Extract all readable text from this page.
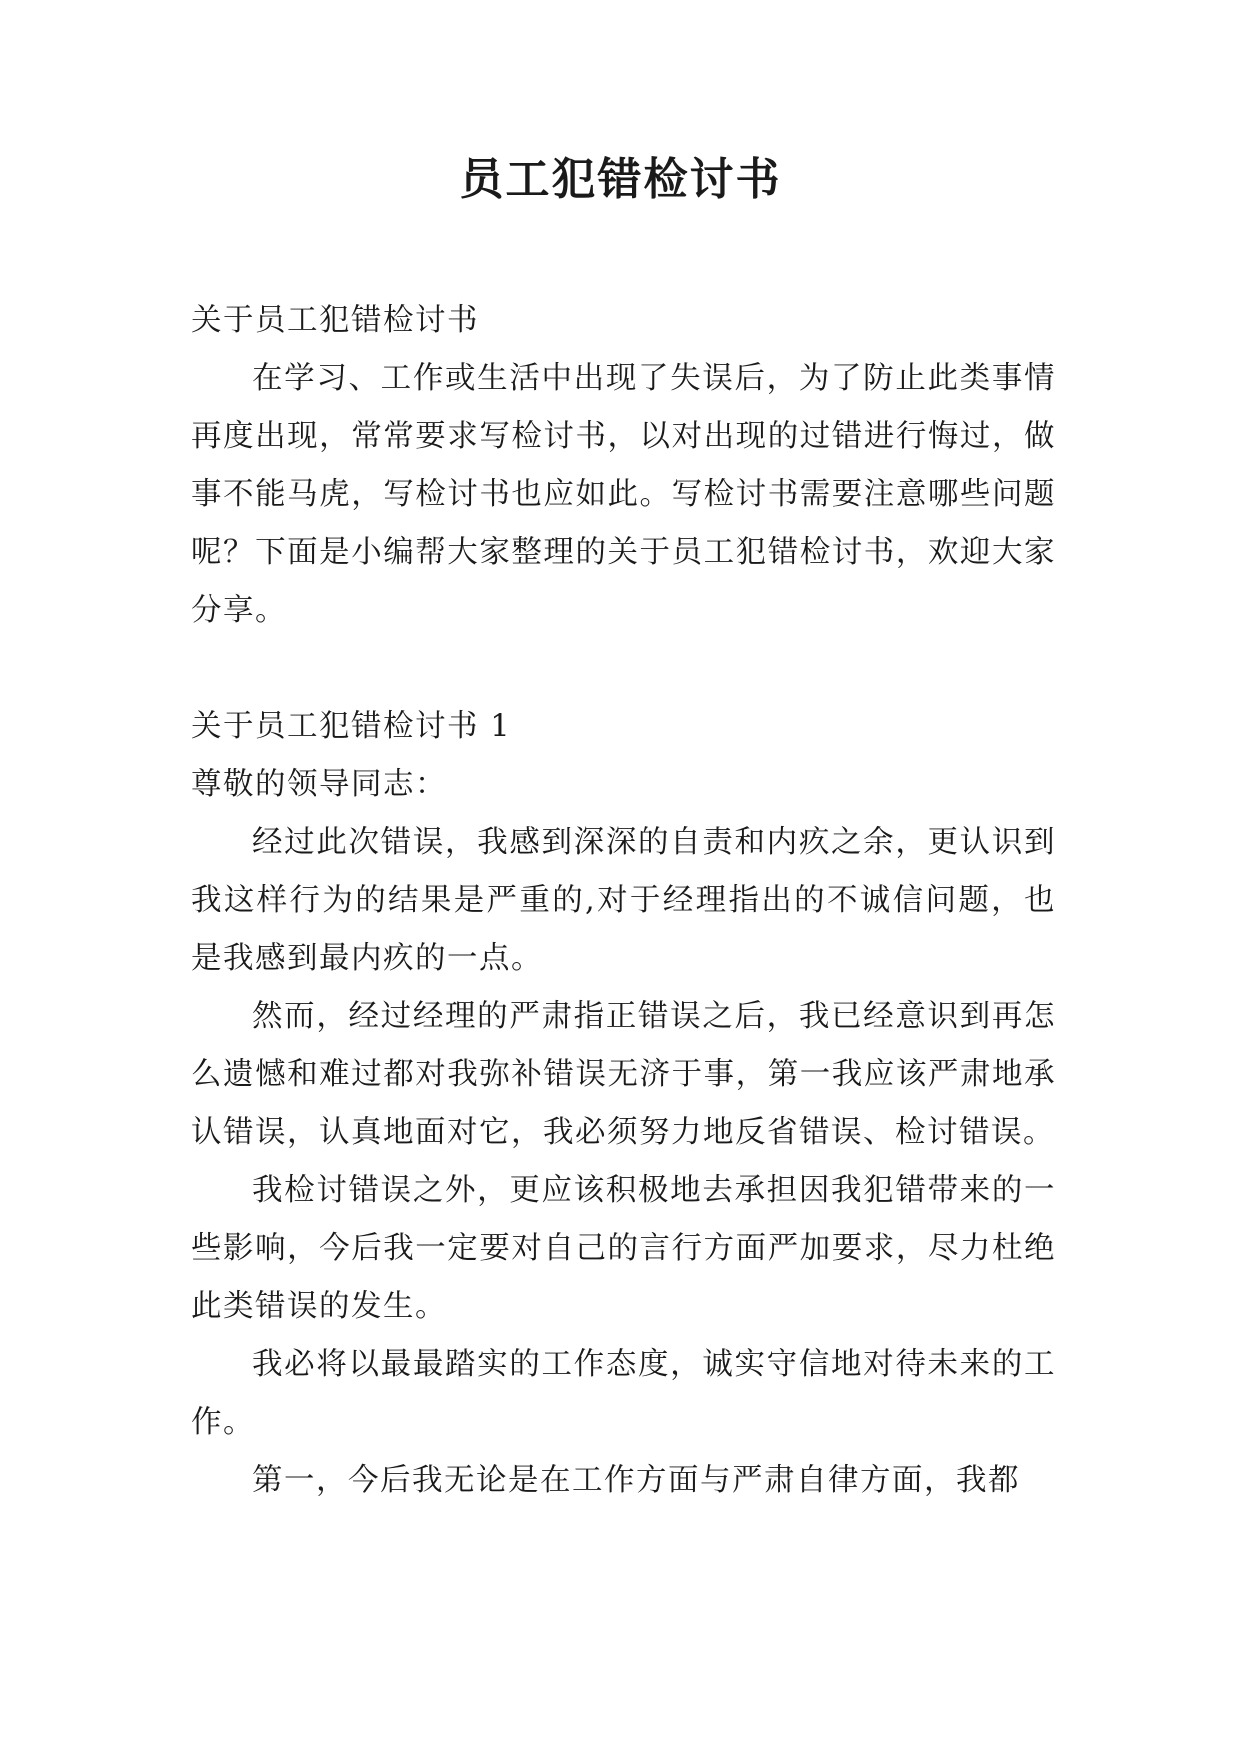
员工犯错检讨书

关于员工犯错检讨书

在学习、工作或生活中出现了失误后，为了防止此类事情再度出现，常常要求写检讨书，以对出现的过错进行悔过，做事不能马虎，写检讨书也应如此。写检讨书需要注意哪些问题呢？下面是小编帮大家整理的关于员工犯错检讨书，欢迎大家分享。

关于员工犯错检讨书 1

尊敬的领导同志：

经过此次错误，我感到深深的自责和内疚之余，更认识到我这样行为的结果是严重的,对于经理指出的不诚信问题，也是我感到最内疚的一点。

然而，经过经理的严肃指正错误之后，我已经意识到再怎么遗憾和难过都对我弥补错误无济于事，第一我应该严肃地承认错误，认真地面对它，我必须努力地反省错误、检讨错误。

我检讨错误之外，更应该积极地去承担因我犯错带来的一些影响，今后我一定要对自己的言行方面严加要求，尽力杜绝此类错误的发生。

我必将以最最踏实的工作态度，诚实守信地对待未来的工作。

第一，今后我无论是在工作方面与严肃自律方面，我都
